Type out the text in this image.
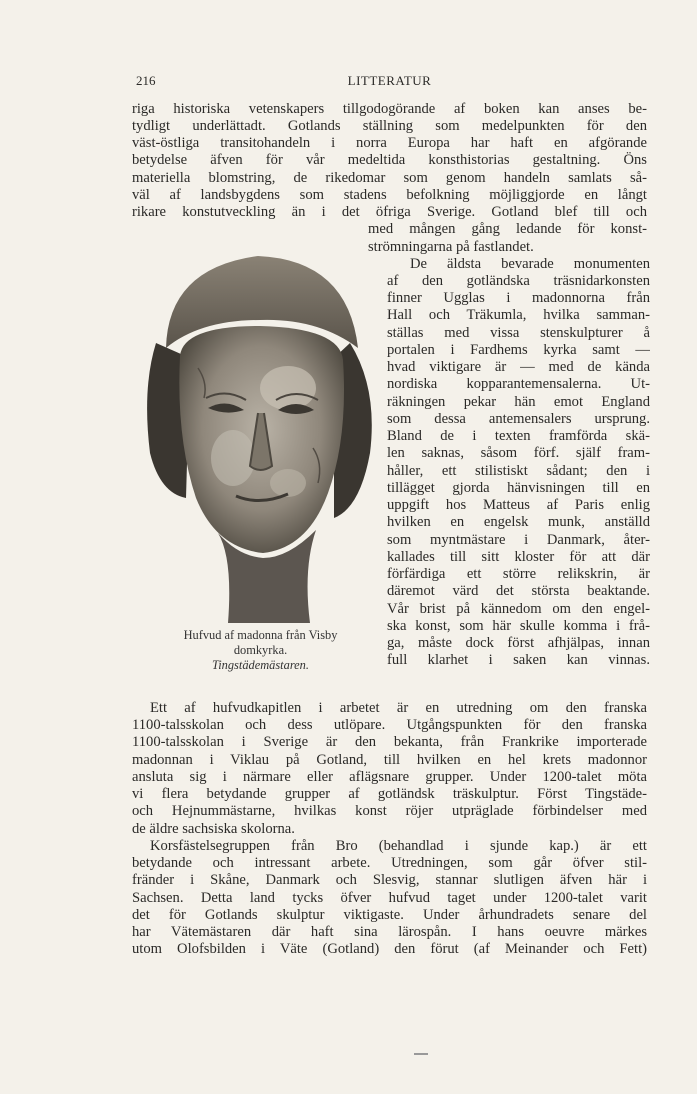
216	LITTERATUR
riga historiska vetenskapers tillgodogörande af boken kan anses be-
tydligt underlättadt. Gotlands ställning som medelpunkten för den
väst-östliga transitohandeln i norra Europa har haft en afgörande
betydelse äfven för vår medeltida konsthistorias gestaltning. Öns
materiella blomstring, de rikedomar som genom handeln samlats så-
väl af landsbygdens som stadens befolkning möjliggjorde en långt
rikare konstutveckling än i det öfriga Sverige. Gotland blef till och
med mången gång ledande för konst-
strömningarna på fastlandet.
De äldsta bevarade monumenten
af den gotländska träsnidarkonsten
finner Ugglas i madonnorna från
Hall och Träkumla, hvilka samman-
ställas med vissa stenskulpturer å
portalen i Fardhems kyrka samt —
hvad viktigare är — med de kända
nordiska kopparantemensalerna. Ut-
räkningen pekar hän emot England
som dessa antemensalers ursprung.
Bland de i texten framförda skä-
len saknas, såsom förf. själf fram-
håller, ett stilistiskt sådant; den i
tillägget gjorda hänvisningen till en
uppgift hos Matteus af Paris enlig
hvilken en engelsk munk, anställd
som myntmästare i Danmark, åter-
kallades till sitt kloster för att där
förfärdiga ett större relikskrin, är
däremot värd det största beaktande.
Vår brist på kännedom om den engel-
ska konst, som här skulle komma i frå-
ga, måste dock först afhjälpas, innan
full klarhet i saken kan vinnas.
Hufvud af madonna från Visby
domkyrka.
Tingstädemästaren.
Ett af hufvudkapitlen i arbetet är en utredning om den franska
1100-talsskolan och dess utlöpare. Utgångspunkten för den franska
1100-talsskolan i Sverige är den bekanta, från Frankrike importerade
madonnan i Viklau på Gotland, till hvilken en hel krets madonnor
ansluta sig i närmare eller aflägsnare grupper. Under 1200-talet möta
vi flera betydande grupper af gotländsk träskulptur. Först Tingstäde-
och Hejnummästarne, hvilkas konst röjer utpräglade förbindelser med
de äldre sachsiska skolorna.
Korsfästelsegruppen från Bro (behandlad i sjunde kap.) är ett
betydande och intressant arbete. Utredningen, som går öfver stil-
fränder i Skåne, Danmark och Slesvig, stannar slutligen äfven här i
Sachsen. Detta land tycks öfver hufvud taget under 1200-talet varit
det för Gotlands skulptur viktigaste. Under århundradets senare del
har Vätemästaren där haft sina lärospån. I hans oeuvre märkes
utom Olofsbilden i Väte (Gotland) den förut (af Meinander och Fett)
